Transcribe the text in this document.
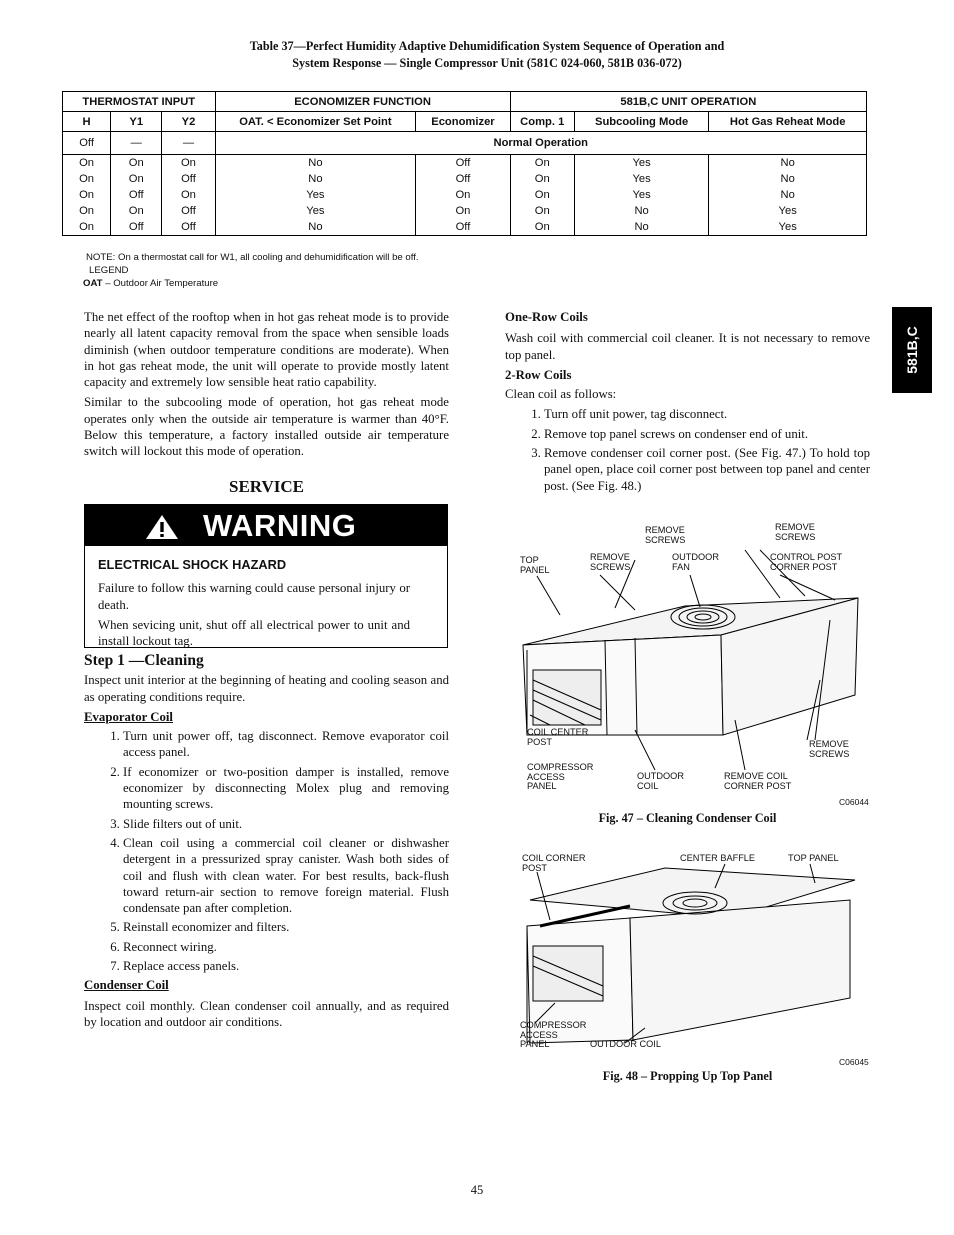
Table 37—Perfect Humidity Adaptive Dehumidification System Sequence of Operation and
System Response — Single Compressor Unit (581C 024-060, 581B 036-072)
THERMOSTAT INPUT			ECONOMIZER FUNCTION		581B,C UNIT OPERATION		
H	Y1	Y2	OAT. < Economizer Set Point	Economizer	Comp. 1	Subcooling Mode	Hot Gas Reheat Mode
Off	—	—	Normal Operation				
On	On	On	No	Off	On	Yes	No
On	On	Off	No	Off	On	Yes	No
On	Off	On	Yes	On	On	Yes	No
On	On	Off	Yes	On	On	No	Yes
On	Off	Off	No	Off	On	No	Yes
NOTE: On a thermostat call for W1, all cooling and dehumidification will be off.
LEGEND
OAT – Outdoor Air Temperature
581B,C

The net effect of the rooftop when in hot gas reheat mode is to provide nearly all latent capacity removal from the space when sensible loads diminish (when outdoor temperature conditions are moderate). When in hot gas reheat mode, the unit will operate to provide mostly latent capacity and extremely low sensible heat ratio capability.

Similar to the subcooling mode of operation, hot gas reheat mode operates only when the outside air temperature is warmer than 40°F. Below this temperature, a factory installed outside air temperature switch will lockout this mode of operation.

SERVICE
WARNING
ELECTRICAL SHOCK HAZARD

Failure to follow this warning could cause personal injury or death.

When sevicing unit, shut off all electrical power to unit and install lockout tag.

Step 1 —Cleaning

Inspect unit interior at the beginning of heating and cooling season and as operating conditions require.

Evaporator Coil
1. Turn unit power off, tag disconnect. Remove evaporator coil access panel.
2. If economizer or two-position damper is installed, remove economizer by disconnecting Molex plug and removing mounting screws.
3. Slide filters out of unit.
4. Clean coil using a commercial coil cleaner or dishwasher detergent in a pressurized spray canister. Wash both sides of coil and flush with clean water. For best results, back-flush toward return-air section to remove foreign material. Flush condensate pan after completion.
5. Reinstall economizer and filters.
6. Reconnect wiring.
7. Replace access panels.
Condenser Coil

Inspect coil monthly. Clean condenser coil annually, and as required by location and outdoor air conditions.

One-Row Coils

Wash coil with commercial coil cleaner. It is not necessary to remove top panel.

2-Row Coils

Clean coil as follows:

1. Turn off unit power, tag disconnect.
2. Remove top panel screws on condenser end of unit.
3. Remove condenser coil corner post. (See Fig. 47.) To hold top panel open, place coil corner post between top panel and center post. (See Fig. 48.)
TOP
PANEL
REMOVE
SCREWS
REMOVE
SCREWS
OUTDOOR
FAN
REMOVE
SCREWS
CONTROL POST
CORNER POST
COIL CENTER
POST
COMPRESSOR
ACCESS
PANEL
OUTDOOR
COIL
REMOVE COIL
CORNER POST
REMOVE
SCREWS
C06044
Fig. 47 – Cleaning Condenser Coil
COIL CORNER
POST
CENTER BAFFLE	TOP PANEL
COMPRESSOR
ACCESS
PANEL	OUTDOOR COIL
C06045
Fig. 48 – Propping Up Top Panel
45
